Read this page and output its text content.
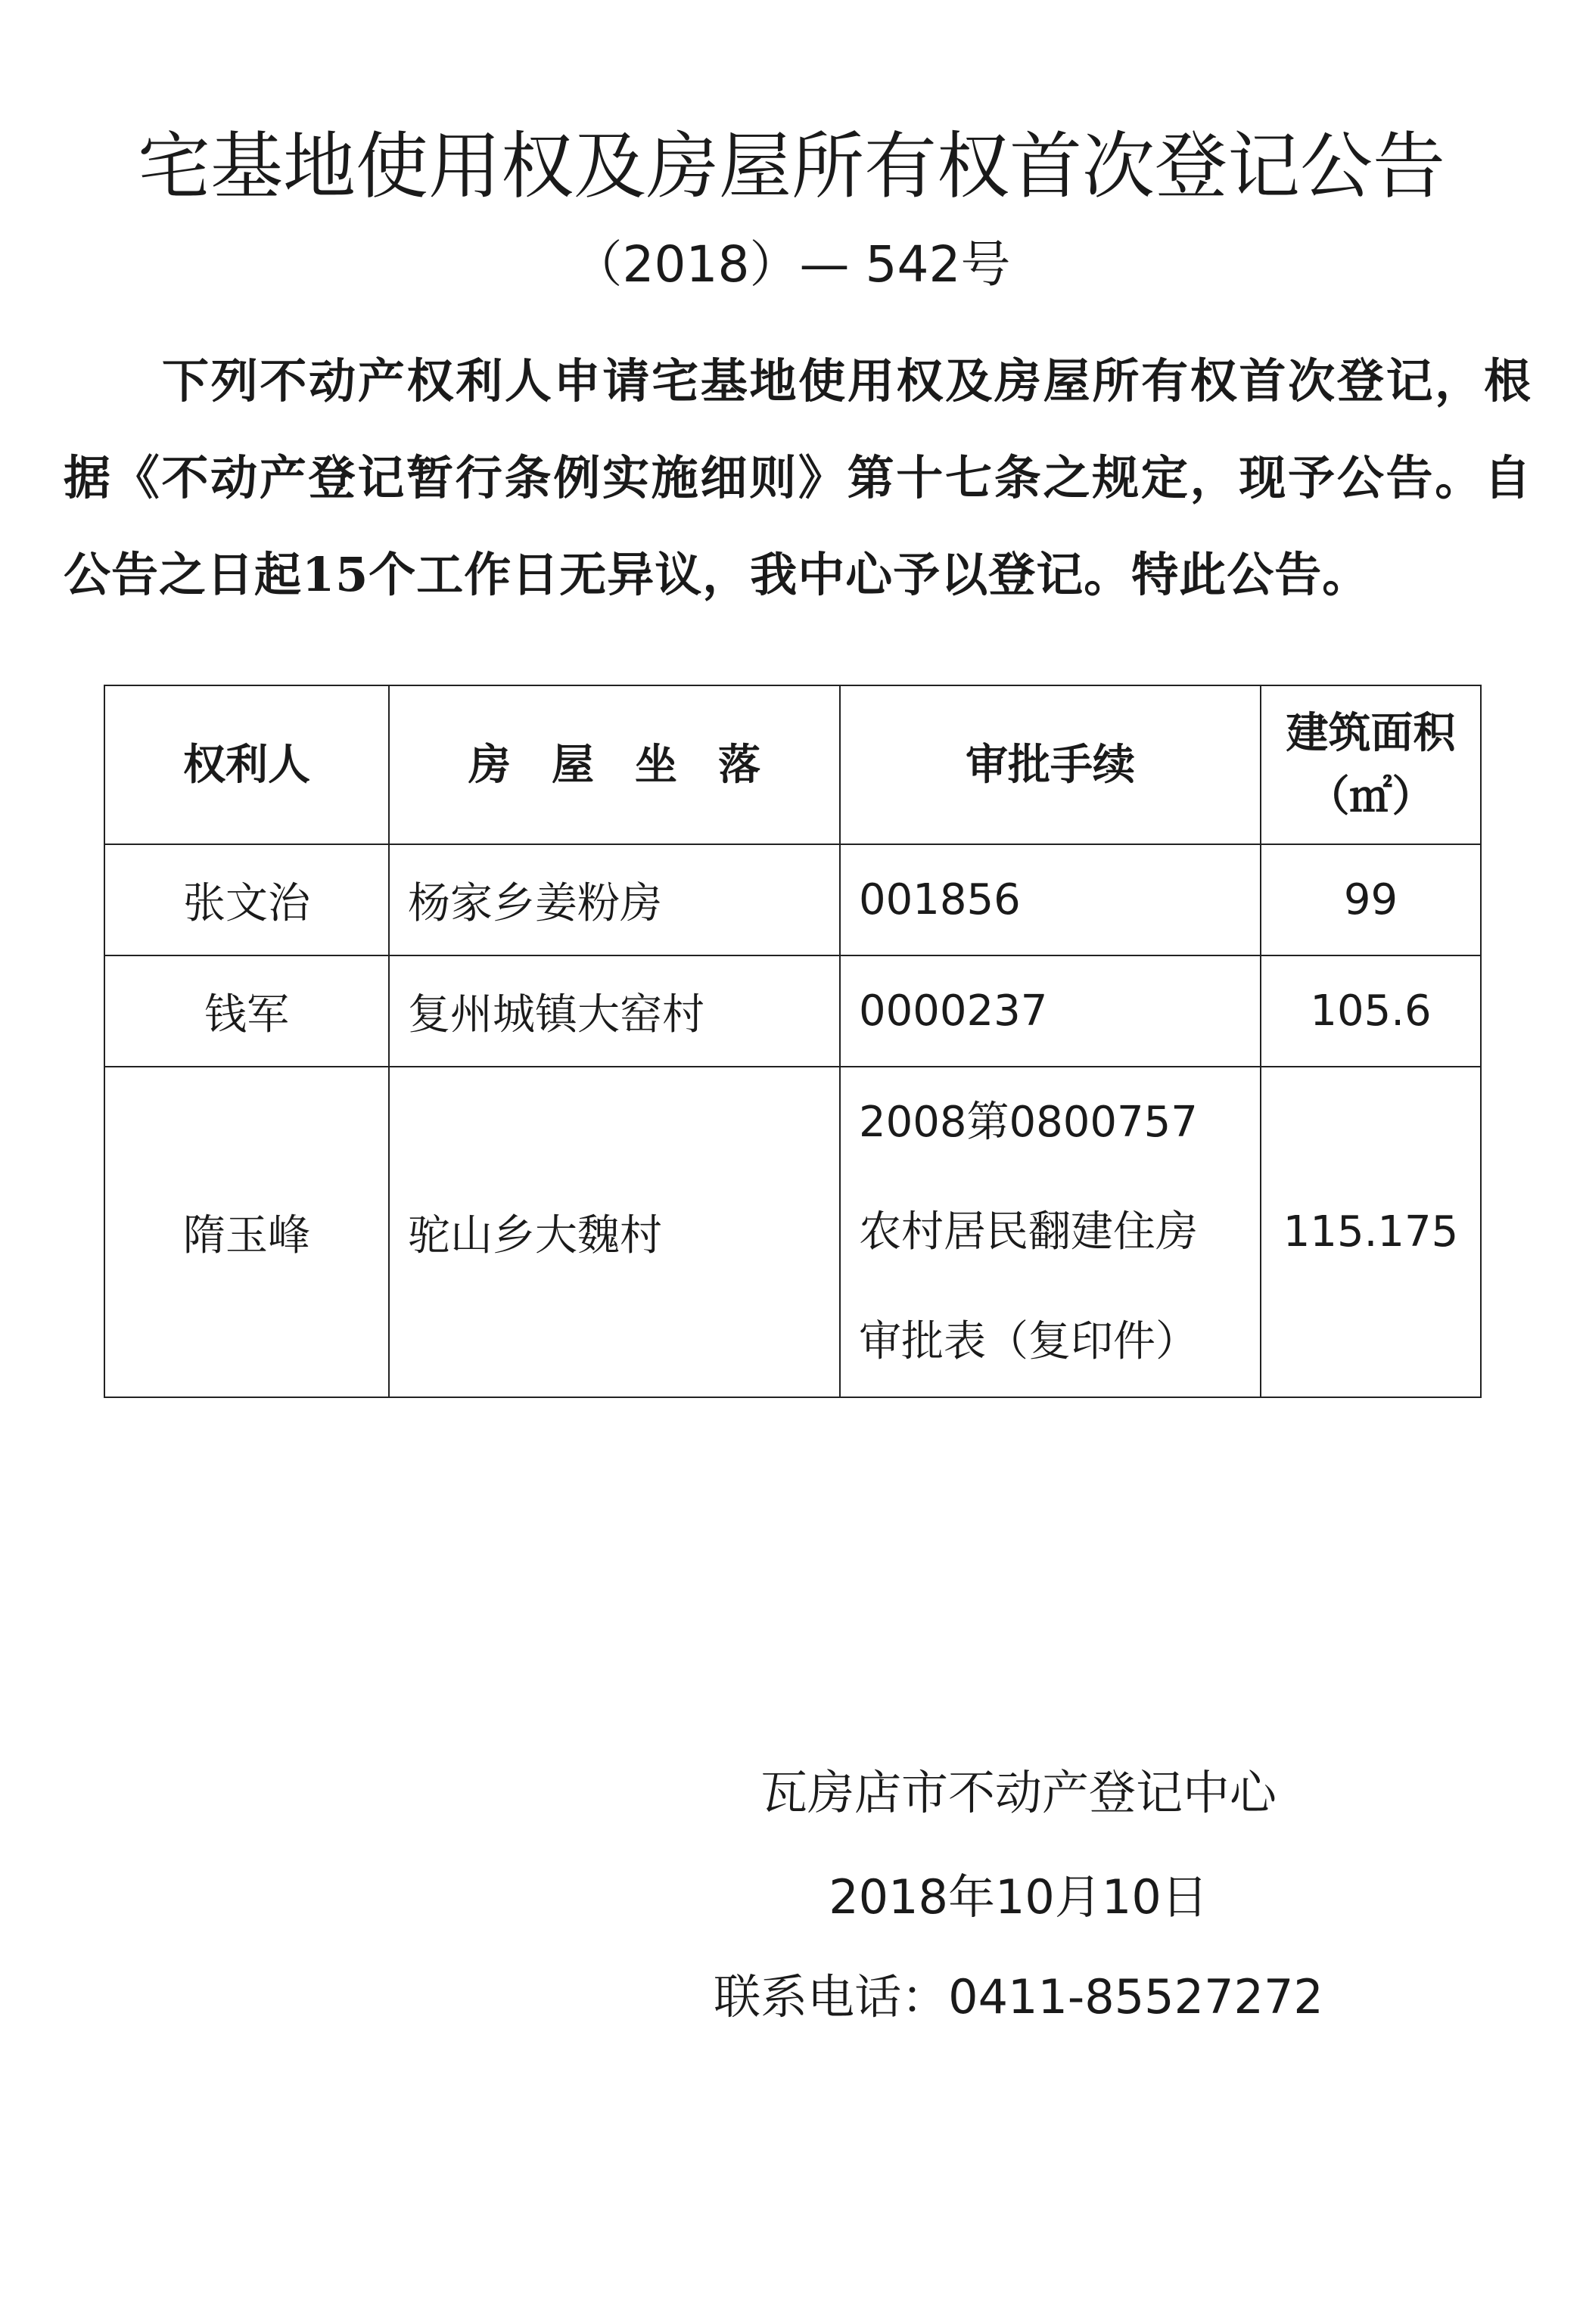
宅基地使用权及房屋所有权首次登记公告
（2018）— 542号

下列不动产权利人申请宅基地使用权及房屋所有权首次登记，根据《不动产登记暂行条例实施细则》第十七条之规定，现予公告。自公告之日起15个工作日无异议，我中心予以登记。特此公告。

权利人	房屋坐落	审批手续	建筑面积
（㎡）

张文治	杨家乡姜粉房	001856	99
钱军	复州城镇大窑村	0000237	105.6
隋玉峰	驼山乡大魏村	2008第0800757
农村居民翻建住房
审批表（复印件）	115.175
瓦房店市不动产登记中心
2018年10月10日
联系电话：0411-85527272
